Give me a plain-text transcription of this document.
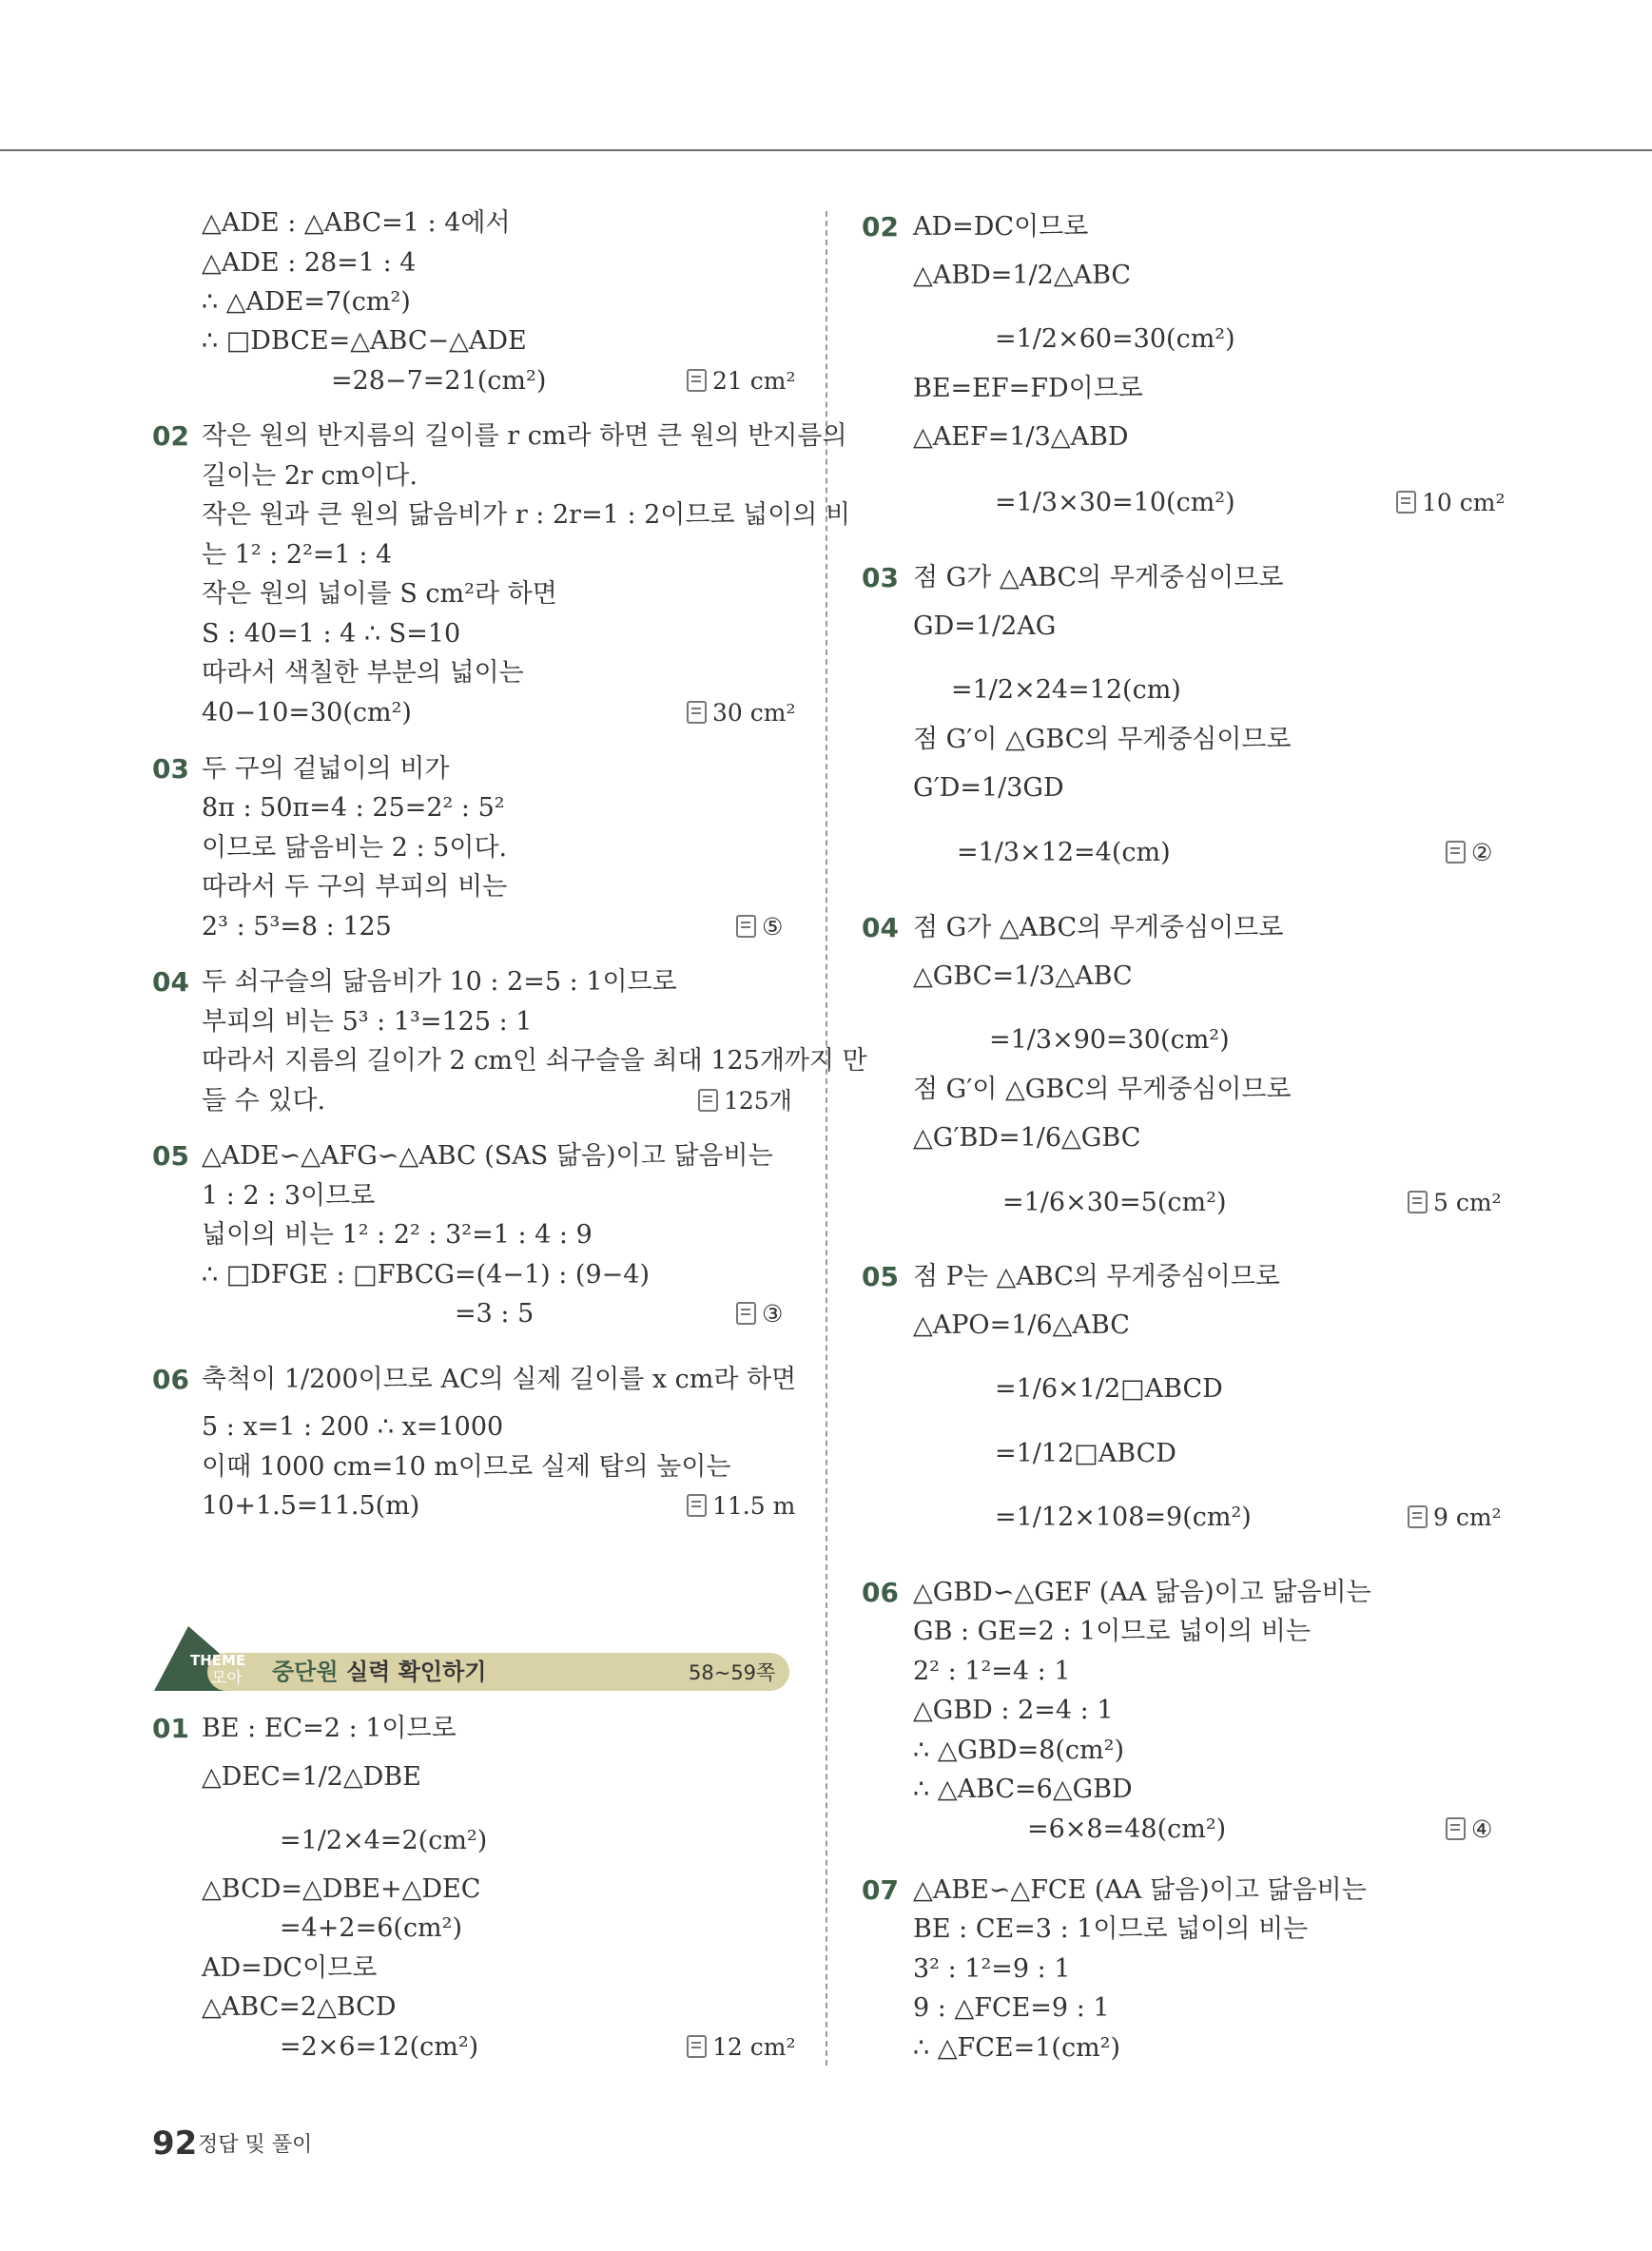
△ADE : △ABC=1 : 4에서
△ADE : 28=1 : 4
∴ △ADE=7(cm²)
∴ □DBCE=△ABC−△ADE
=28−7=21(cm²)	21 cm²
02 작은 원의 반지름의 길이를 r cm라 하면 큰 원의 반지름의
길이는 2r cm이다.
작은 원과 큰 원의 닮음비가 r : 2r=1 : 2이므로 넓이의 비
는 1² : 2²=1 : 4
작은 원의 넓이를 S cm²라 하면
S : 40=1 : 4 ∴ S=10
따라서 색칠한 부분의 넓이는
40−10=30(cm²)	30 cm²
03 두 구의 겉넓이의 비가
8π : 50π=4 : 25=2² : 5²
이므로 닮음비는 2 : 5이다.
따라서 두 구의 부피의 비는
2³ : 5³=8 : 125	⑤
04 두 쇠구슬의 닮음비가 10 : 2=5 : 1이므로
부피의 비는 5³ : 1³=125 : 1
따라서 지름의 길이가 2 cm인 쇠구슬을 최대 125개까지 만
들 수 있다.	125개
05 △ADE∽△AFG∽△ABC (SAS 닮음)이고 닮음비는
1 : 2 : 3이므로
넓이의 비는 1² : 2² : 3²=1 : 4 : 9
∴ □DFGE : □FBCG=(4−1) : (9−4)
=3 : 5	③
06 축척이 1/200이므로 AC의 실제 길이를 x cm라 하면
5 : x=1 : 200 ∴ x=1000
이때 1000 cm=10 m이므로 실제 탑의 높이는
10+1.5=11.5(m)	11.5 m
01 BE : EC=2 : 1이므로
△DEC=1/2△DBE
=1/2×4=2(cm²)
△BCD=△DBE+△DEC
=4+2=6(cm²)
AD=DC이므로
△ABC=2△BCD
=2×6=12(cm²)	12 cm²
THEME
모아 중단원 실력 확인하기	58~59쪽
02 AD=DC이므로
△ABD=1/2△ABC
=1/2×60=30(cm²)
BE=EF=FD이므로
△AEF=1/3△ABD
=1/3×30=10(cm²)	10 cm²
03 점 G가 △ABC의 무게중심이므로
GD=1/2AG
=1/2×24=12(cm)
점 G′이 △GBC의 무게중심이므로
G′D=1/3GD
=1/3×12=4(cm)	②
04 점 G가 △ABC의 무게중심이므로
△GBC=1/3△ABC
=1/3×90=30(cm²)
점 G′이 △GBC의 무게중심이므로
△G′BD=1/6△GBC
=1/6×30=5(cm²)	5 cm²
05 점 P는 △ABC의 무게중심이므로
△APO=1/6△ABC
=1/6×1/2□ABCD
=1/12□ABCD
=1/12×108=9(cm²)	9 cm²
06 △GBD∽△GEF (AA 닮음)이고 닮음비는
GB : GE=2 : 1이므로 넓이의 비는
2² : 1²=4 : 1
△GBD : 2=4 : 1
∴ △GBD=8(cm²)
∴ △ABC=6△GBD
=6×8=48(cm²)	④
07 △ABE∽△FCE (AA 닮음)이고 닮음비는
BE : CE=3 : 1이므로 넓이의 비는
3² : 1²=9 : 1
9 : △FCE=9 : 1
∴ △FCE=1(cm²)
92 정답 및 풀이
